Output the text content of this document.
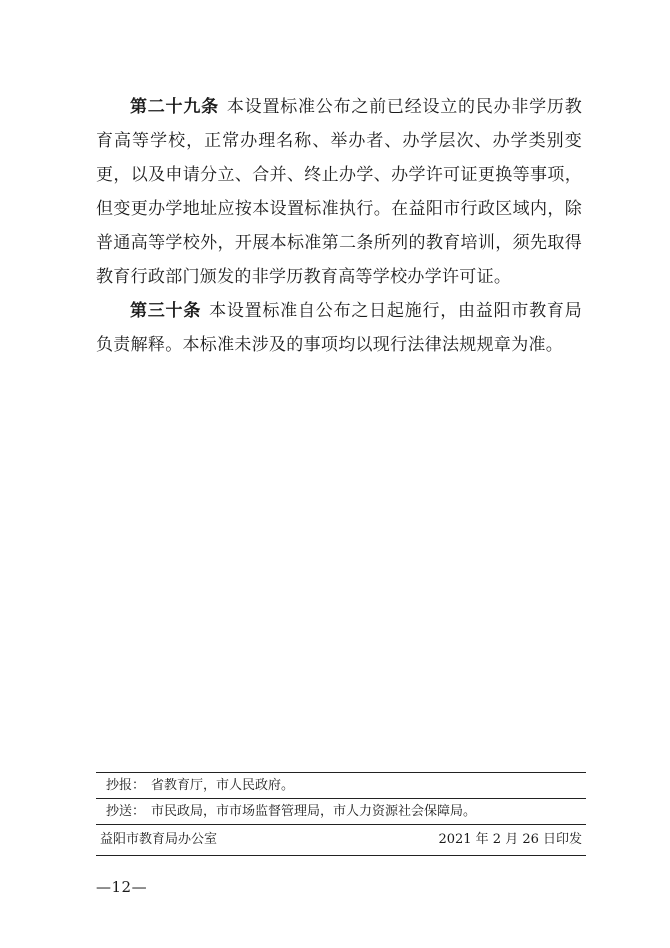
第二十九条 本设置标准公布之前已经设立的民办非学历教育高等学校，正常办理名称、举办者、办学层次、办学类别变更，以及申请分立、合并、终止办学、办学许可证更换等事项，但变更办学地址应按本设置标准执行。在益阳市行政区域内，除普通高等学校外，开展本标准第二条所列的教育培训，须先取得教育行政部门颁发的非学历教育高等学校办学许可证。

第三十条 本设置标准自公布之日起施行，由益阳市教育局负责解释。本标准未涉及的事项均以现行法律法规规章为准。

抄报： 省教育厅，市人民政府。
抄送： 市民政局，市市场监督管理局，市人力资源社会保障局。
益阳市教育局办公室	2021 年 2 月 26 日印发
—12—
